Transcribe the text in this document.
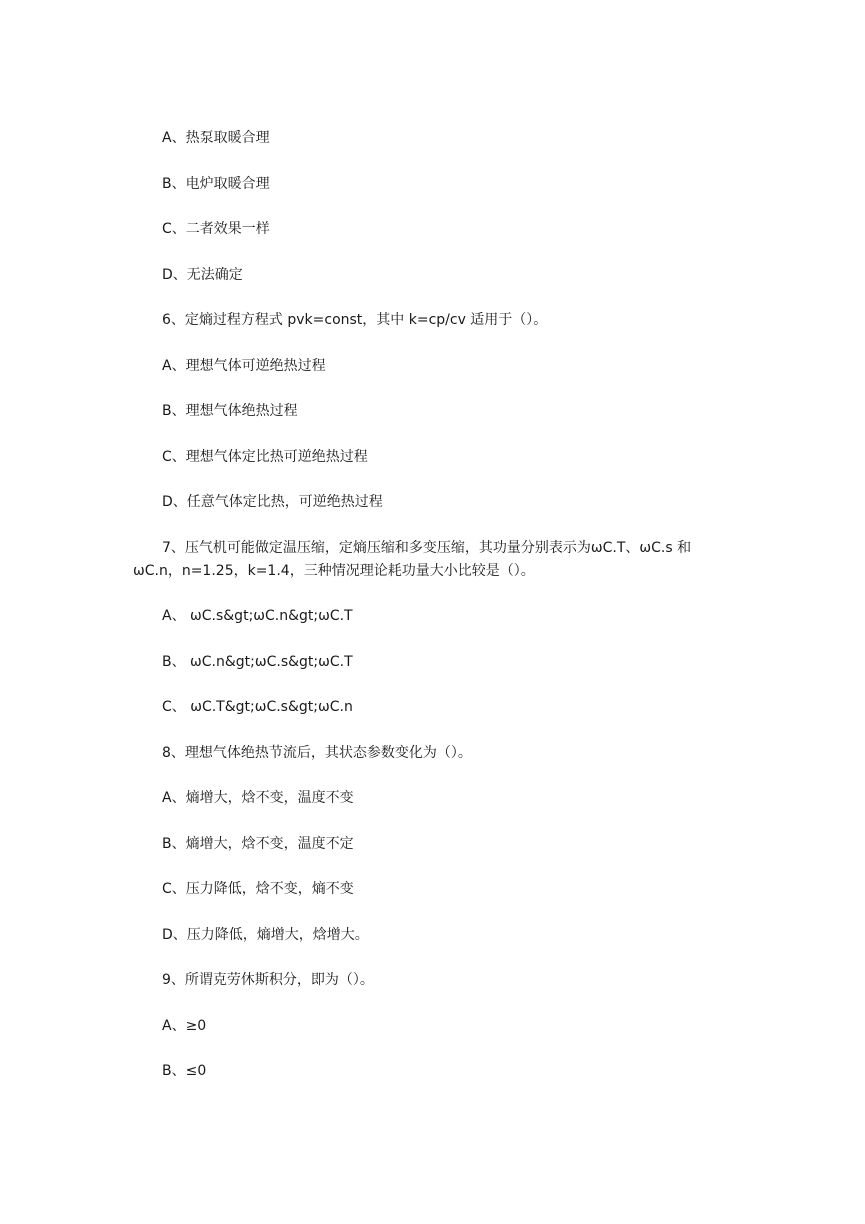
A、热泵取暖合理
B、电炉取暖合理
C、二者效果一样
D、无法确定
6、定熵过程方程式 pvk=const，其中 k=cp/cv 适用于（）。
A、理想气体可逆绝热过程
B、理想气体绝热过程
C、理想气体定比热可逆绝热过程
D、任意气体定比热，可逆绝热过程
7、压气机可能做定温压缩，定熵压缩和多变压缩，其功量分别表示为ωC.T、ωC.s 和
ωC.n，n=1.25，k=1.4，三种情况理论耗功量大小比较是（）。
A、 ωC.s&gt;ωC.n&gt;ωC.T
B、 ωC.n&gt;ωC.s&gt;ωC.T
C、 ωC.T&gt;ωC.s&gt;ωC.n
8、理想气体绝热节流后，其状态参数变化为（）。
A、熵增大，焓不变，温度不变
B、熵增大，焓不变，温度不定
C、压力降低，焓不变，熵不变
D、压力降低，熵增大，焓增大。
9、所谓克劳休斯积分，即为（）。
A、≥0
B、≤0
